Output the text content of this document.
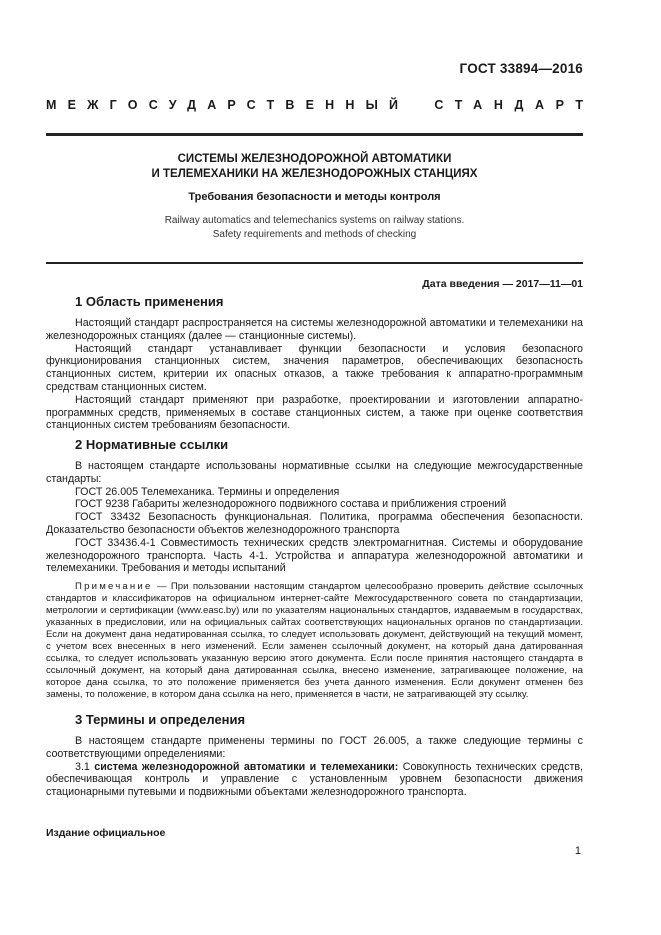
ГОСТ 33894—2016
МЕЖГОСУДАРСТВЕННЫЙ СТАНДАРТ
СИСТЕМЫ ЖЕЛЕЗНОДОРОЖНОЙ АВТОМАТИКИ
И ТЕЛЕМЕХАНИКИ НА ЖЕЛЕЗНОДОРОЖНЫХ СТАНЦИЯХ
Требования безопасности и методы контроля
Railway automatics and telemechanics systems on railway stations.
Safety requirements and methods of checking
Дата введения — 2017—11—01
1 Область применения

Настоящий стандарт распространяется на системы железнодорожной автоматики и телемеханики на железнодорожных станциях (далее — станционные системы).

Настоящий стандарт устанавливает функции безопасности и условия безопасного функционирования станционных систем, значения параметров, обеспечивающих безопасность станционных систем, критерии их опасных отказов, а также требования к аппаратно-программным средствам станционных систем.

Настоящий стандарт применяют при разработке, проектировании и изготовлении аппаратно-программных средств, применяемых в составе станционных систем, а также при оценке соответствия станционных систем требованиям безопасности.

2 Нормативные ссылки

В настоящем стандарте использованы нормативные ссылки на следующие межгосударственные стандарты:

ГОСТ 26.005 Телемеханика. Термины и определения

ГОСТ 9238 Габариты железнодорожного подвижного состава и приближения строений

ГОСТ 33432 Безопасность функциональная. Политика, программа обеспечения безопасности. Доказательство безопасности объектов железнодорожного транспорта

ГОСТ 33436.4-1 Совместимость технических средств электромагнитная. Системы и оборудование железнодорожного транспорта. Часть 4-1. Устройства и аппаратура железнодорожной автоматики и телемеханики. Требования и методы испытаний

Примечание — При пользовании настоящим стандартом целесообразно проверить действие ссылочных стандартов и классификаторов на официальном интернет-сайте Межгосударственного совета по стандартизации, метрологии и сертификации (www.easc.by) или по указателям национальных стандартов, издаваемым в государствах, указанных в предисловии, или на официальных сайтах соответствующих национальных органов по стандартизации. Если на документ дана недатированная ссылка, то следует использовать документ, действующий на текущий момент, с учетом всех внесенных в него изменений. Если заменен ссылочный документ, на который дана датированная ссылка, то следует использовать указанную версию этого документа. Если после принятия настоящего стандарта в ссылочный документ, на который дана датированная ссылка, внесено изменение, затрагивающее положение, на которое дана ссылка, то это положение применяется без учета данного изменения. Если документ отменен без замены, то положение, в котором дана ссылка на него, применяется в части, не затрагивающей эту ссылку.

3 Термины и определения

В настоящем стандарте применены термины по ГОСТ 26.005, а также следующие термины с соответствующими определениями:

3.1 система железнодорожной автоматики и телемеханики: Совокупность технических средств, обеспечивающая контроль и управление с установленным уровнем безопасности движения стационарными путевыми и подвижными объектами железнодорожного транспорта.

Издание официальное
1
